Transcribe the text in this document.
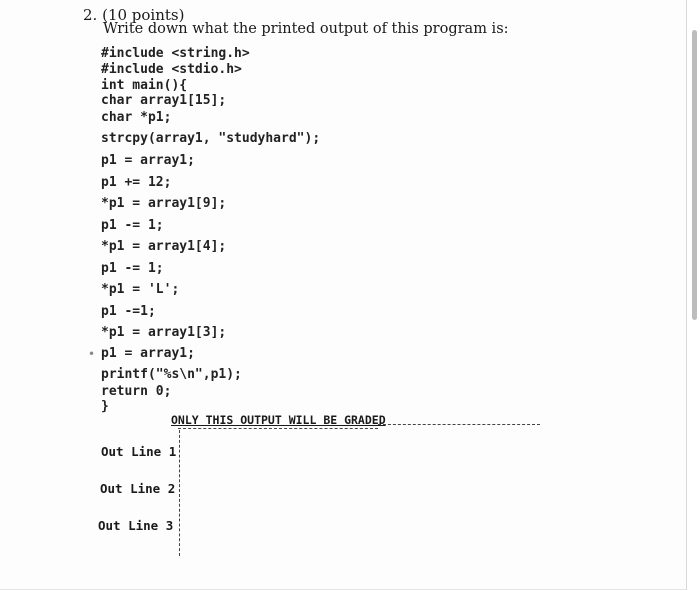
2. (10 points)
Write down what the printed output of this program is:
#include <string.h>
#include <stdio.h>
int main(){
char array1[15];
char *p1;
strcpy(array1, "studyhard");
p1 = array1;
p1 += 12;
*p1 = array1[9];
p1 -= 1;
*p1 = array1[4];
p1 -= 1;
*p1 = 'L';
p1 -=1;
*p1 = array1[3];
p1 = array1;
printf("%s\n",p1);
return 0;
}
•
ONLY THIS OUTPUT WILL BE GRADED
Out Line 1
Out Line 2
Out Line 3
